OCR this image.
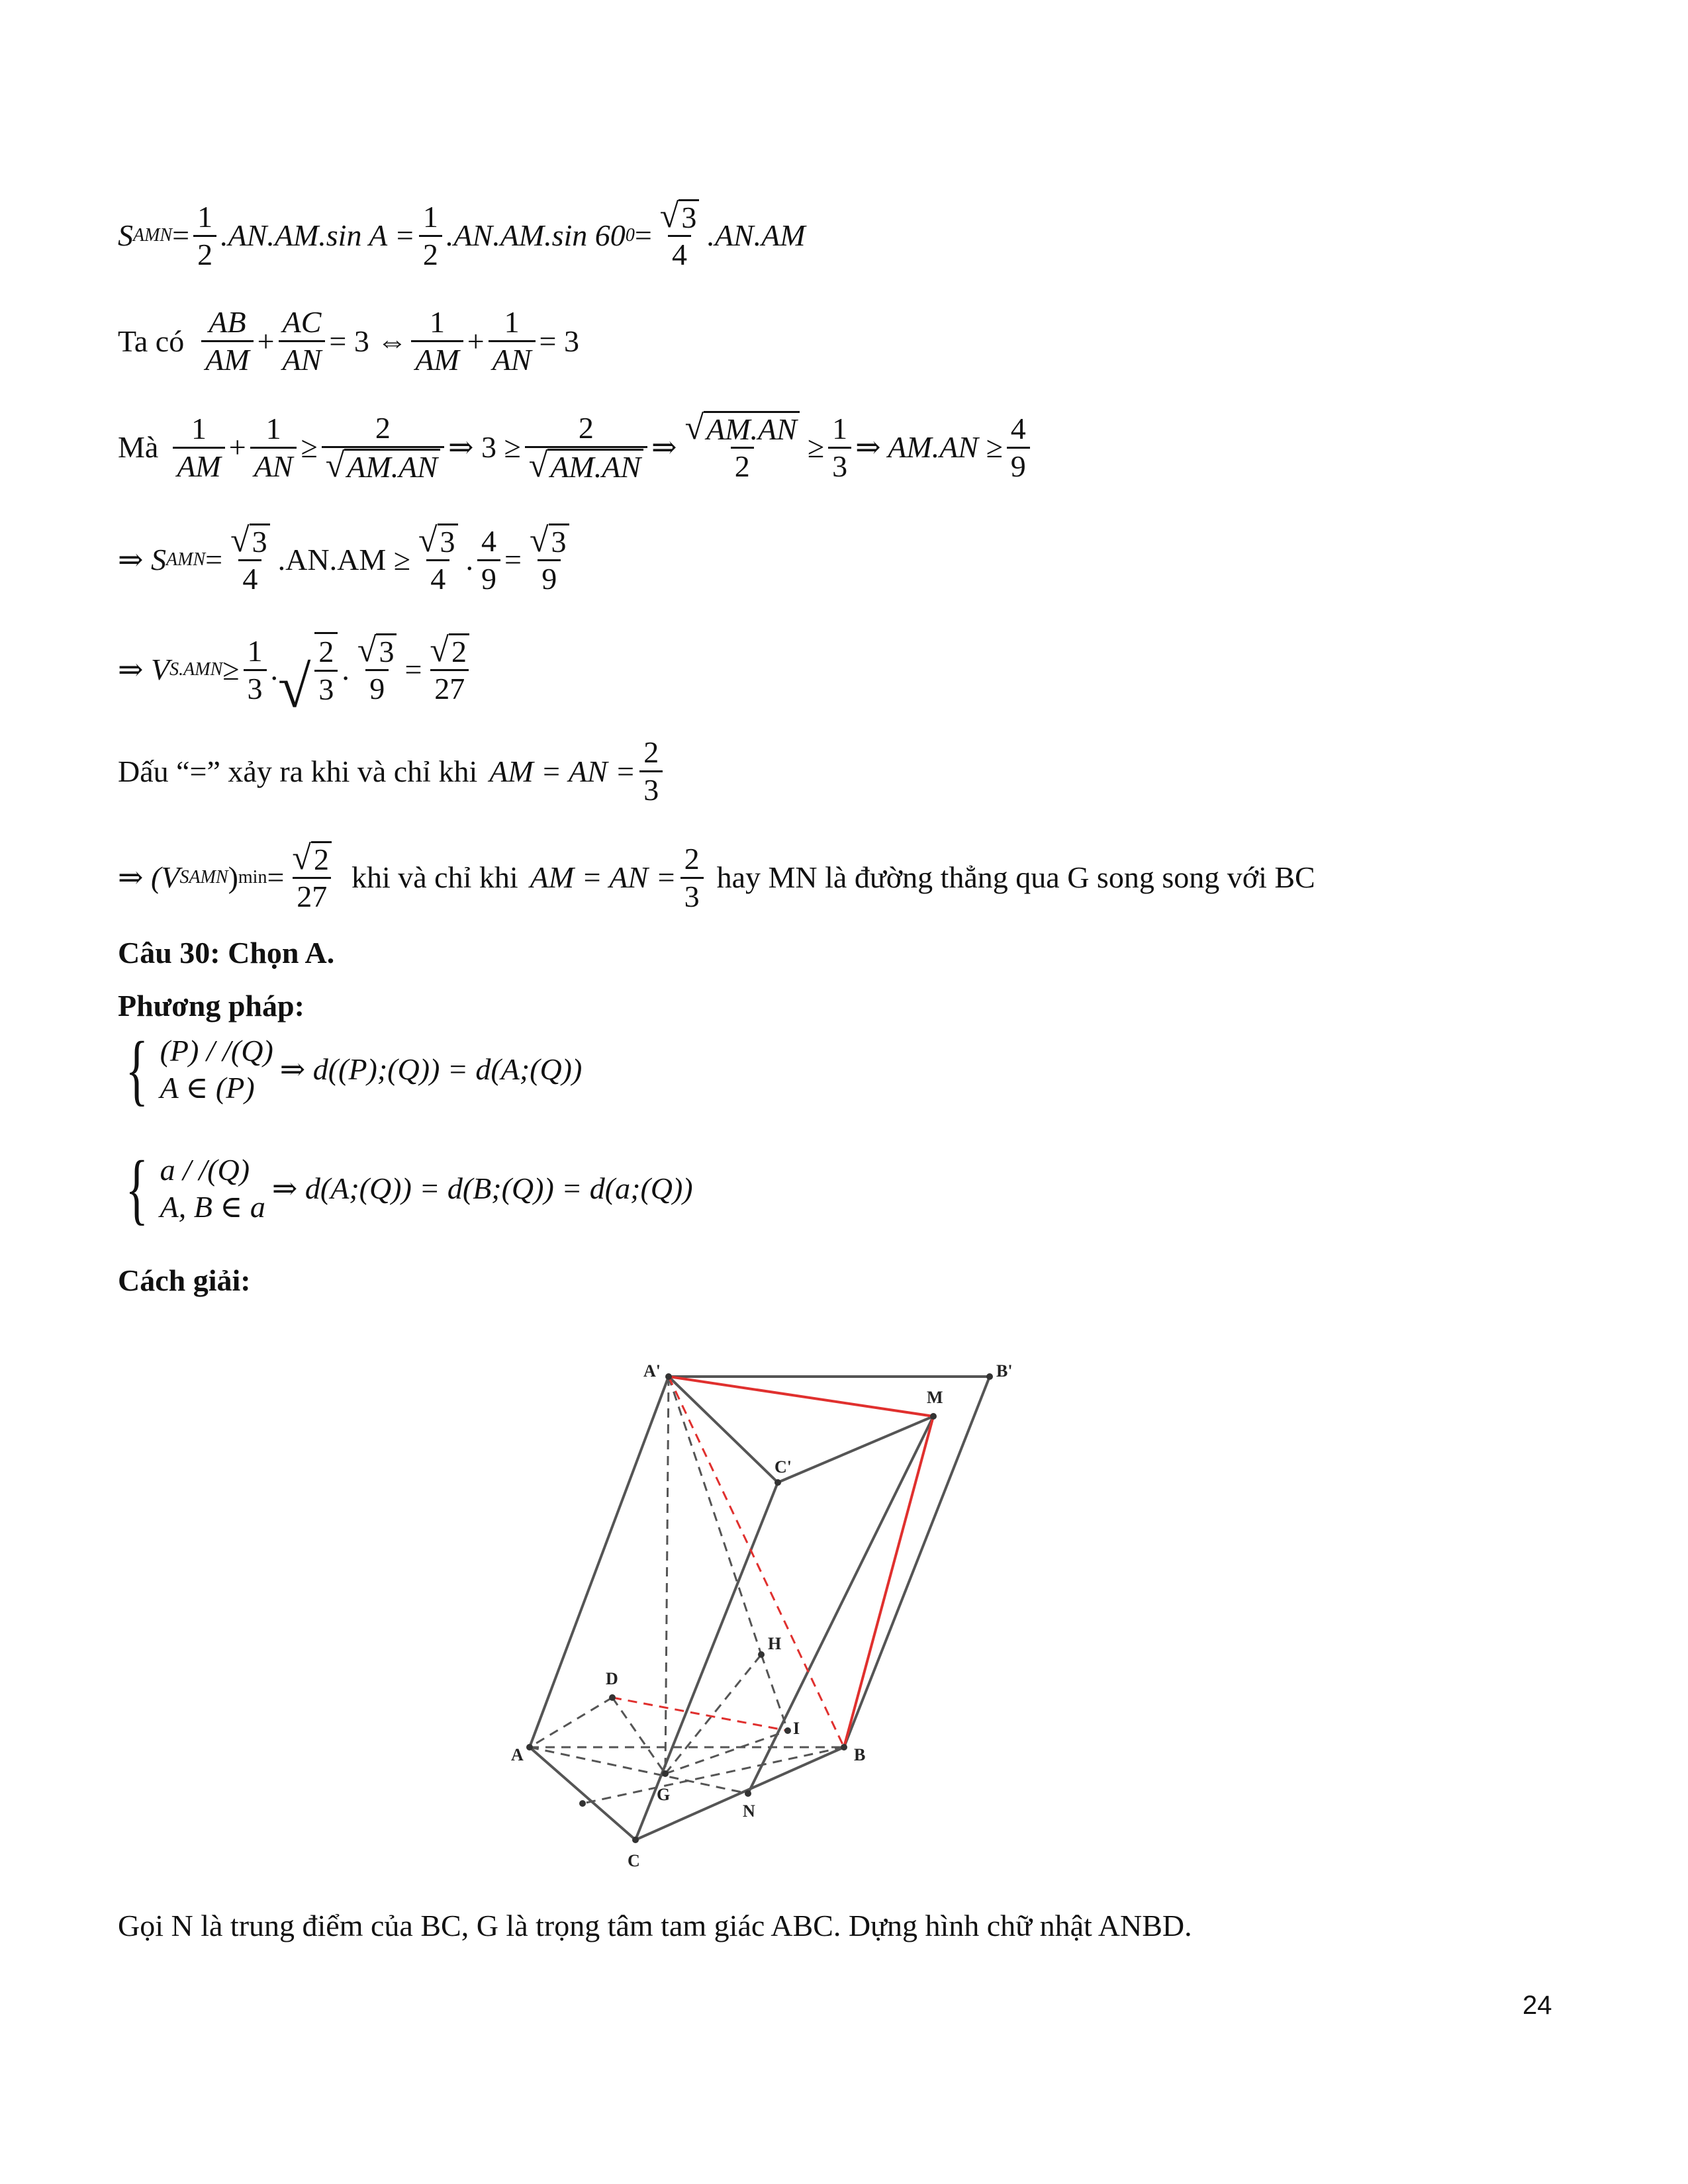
S AMN = $\frac{1}{2} .AN.AM.\sin$ $A = \frac{1}{2} .AN.AM.\sin$ 60 $0 = \frac{√ 3}{4} .AN.AM$
Ta có $\frac{AB}{AM} + \frac{AC}{AN} = 3$ ⇔ $\frac{1}{AM} + \frac{1}{AN} = 3$
Mà $\frac{1}{AM} + \frac{1}{AN} \ge \frac{2}{√ AM.AN}$ ⇒ $3 \ge \frac{2}{√ AM.AN}$ ⇒ $\frac{√ AM.AN}{2} \ge \frac{1}{3}$ ⇒ $AM.AN \ge \frac{4}{9}$
⇒ S AMN = $\frac{√ 3}{4} .AN.AM \ge \frac{√ 3}{4}$ . $\frac{4}{9} = \frac{√ 3}{9}$
⇒ V $S.AMN \ge \frac{1}{3}$ . √ $\frac{2}{3}$ . $\frac{√ 3}{9} = \frac{√ 2}{27}$
Dấu “=” xảy ra khi và chỉ khi AM = AN = $\frac{2}{3}$
⇒ (V SAMN ) $\min = \frac{√ 2}{27}$ khi và chỉ khi AM = AN = $\frac{2}{3}$ hay MN là đường thẳng qua G song song với BC
Câu 30: Chọn A.
Phương pháp:
{ (P) / /(Q)
A ∈ (P)
⇒ d((P);(Q)) = d(A;(Q))
{ a / /(Q)
A, B ∈ a
⇒ d(A;(Q)) = d(B;(Q)) = d(a;(Q))
Cách giải:
A'	B'
C'
M
H
D
I
A	B
G
N
C
Gọi N là trung điểm của BC, G là trọng tâm tam giác ABC. Dựng hình chữ nhật ANBD.
24
